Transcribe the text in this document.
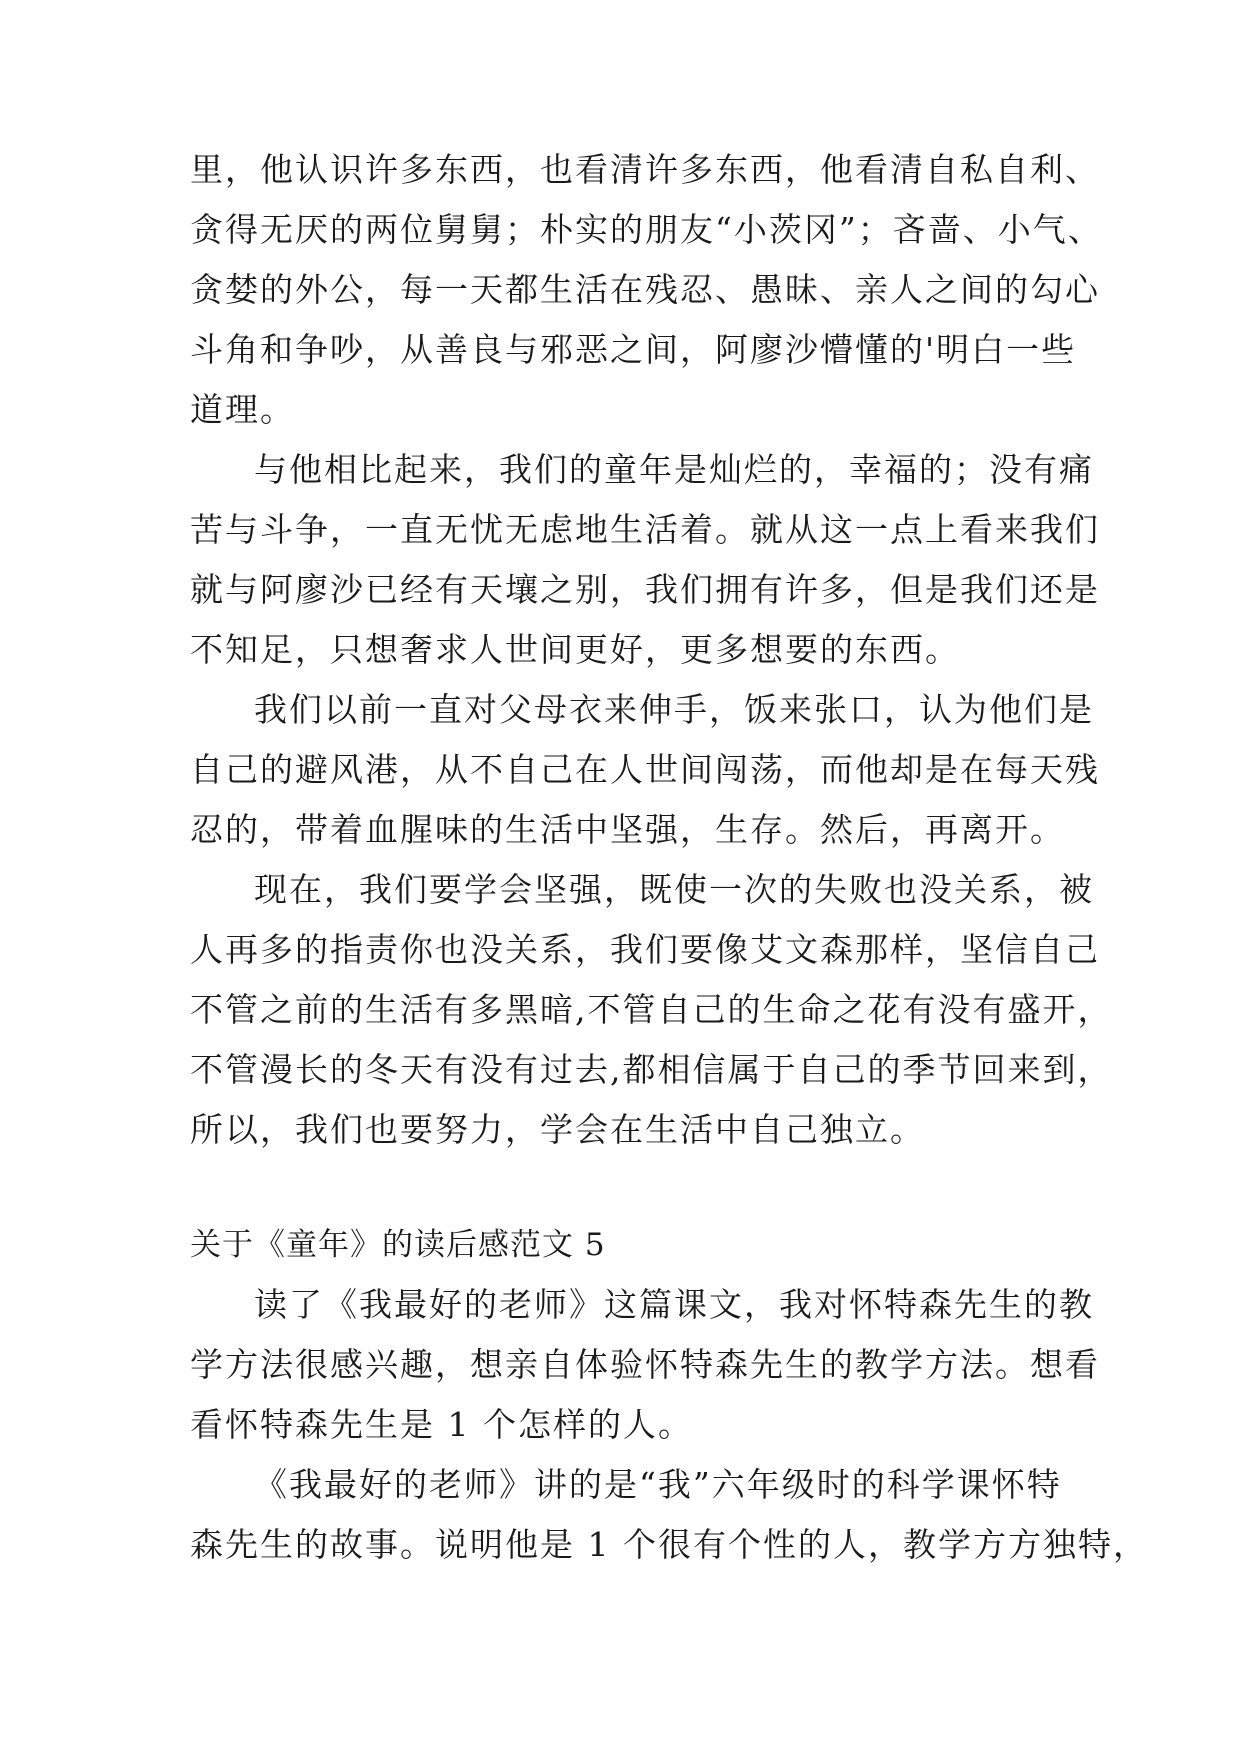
里，他认识许多东西，也看清许多东西，他看清自私自利、
贪得无厌的两位舅舅；朴实的朋友“小茨冈”；吝啬、小气、
贪婪的外公，每一天都生活在残忍、愚昧、亲人之间的勾心
斗角和争吵，从善良与邪恶之间，阿廖沙懵懂的'明白一些
道理。
与他相比起来，我们的童年是灿烂的，幸福的；没有痛
苦与斗争，一直无忧无虑地生活着。就从这一点上看来我们
就与阿廖沙已经有天壤之别，我们拥有许多，但是我们还是
不知足，只想奢求人世间更好，更多想要的东西。
我们以前一直对父母衣来伸手，饭来张口，认为他们是
自己的避风港，从不自己在人世间闯荡，而他却是在每天残
忍的，带着血腥味的生活中坚强，生存。然后，再离开。
现在，我们要学会坚强，既使一次的失败也没关系，被
人再多的指责你也没关系，我们要像艾文森那样，坚信自己
不管之前的生活有多黑暗,不管自己的生命之花有没有盛开，
不管漫长的冬天有没有过去,都相信属于自己的季节回来到，
所以，我们也要努力，学会在生活中自己独立。
关于《童年》的读后感范文 5
读了《我最好的老师》这篇课文，我对怀特森先生的教
学方法很感兴趣，想亲自体验怀特森先生的教学方法。想看
看怀特森先生是 1 个怎样的人。
《我最好的老师》讲的是“我”六年级时的科学课怀特
森先生的故事。说明他是 1 个很有个性的人，教学方方独特，
